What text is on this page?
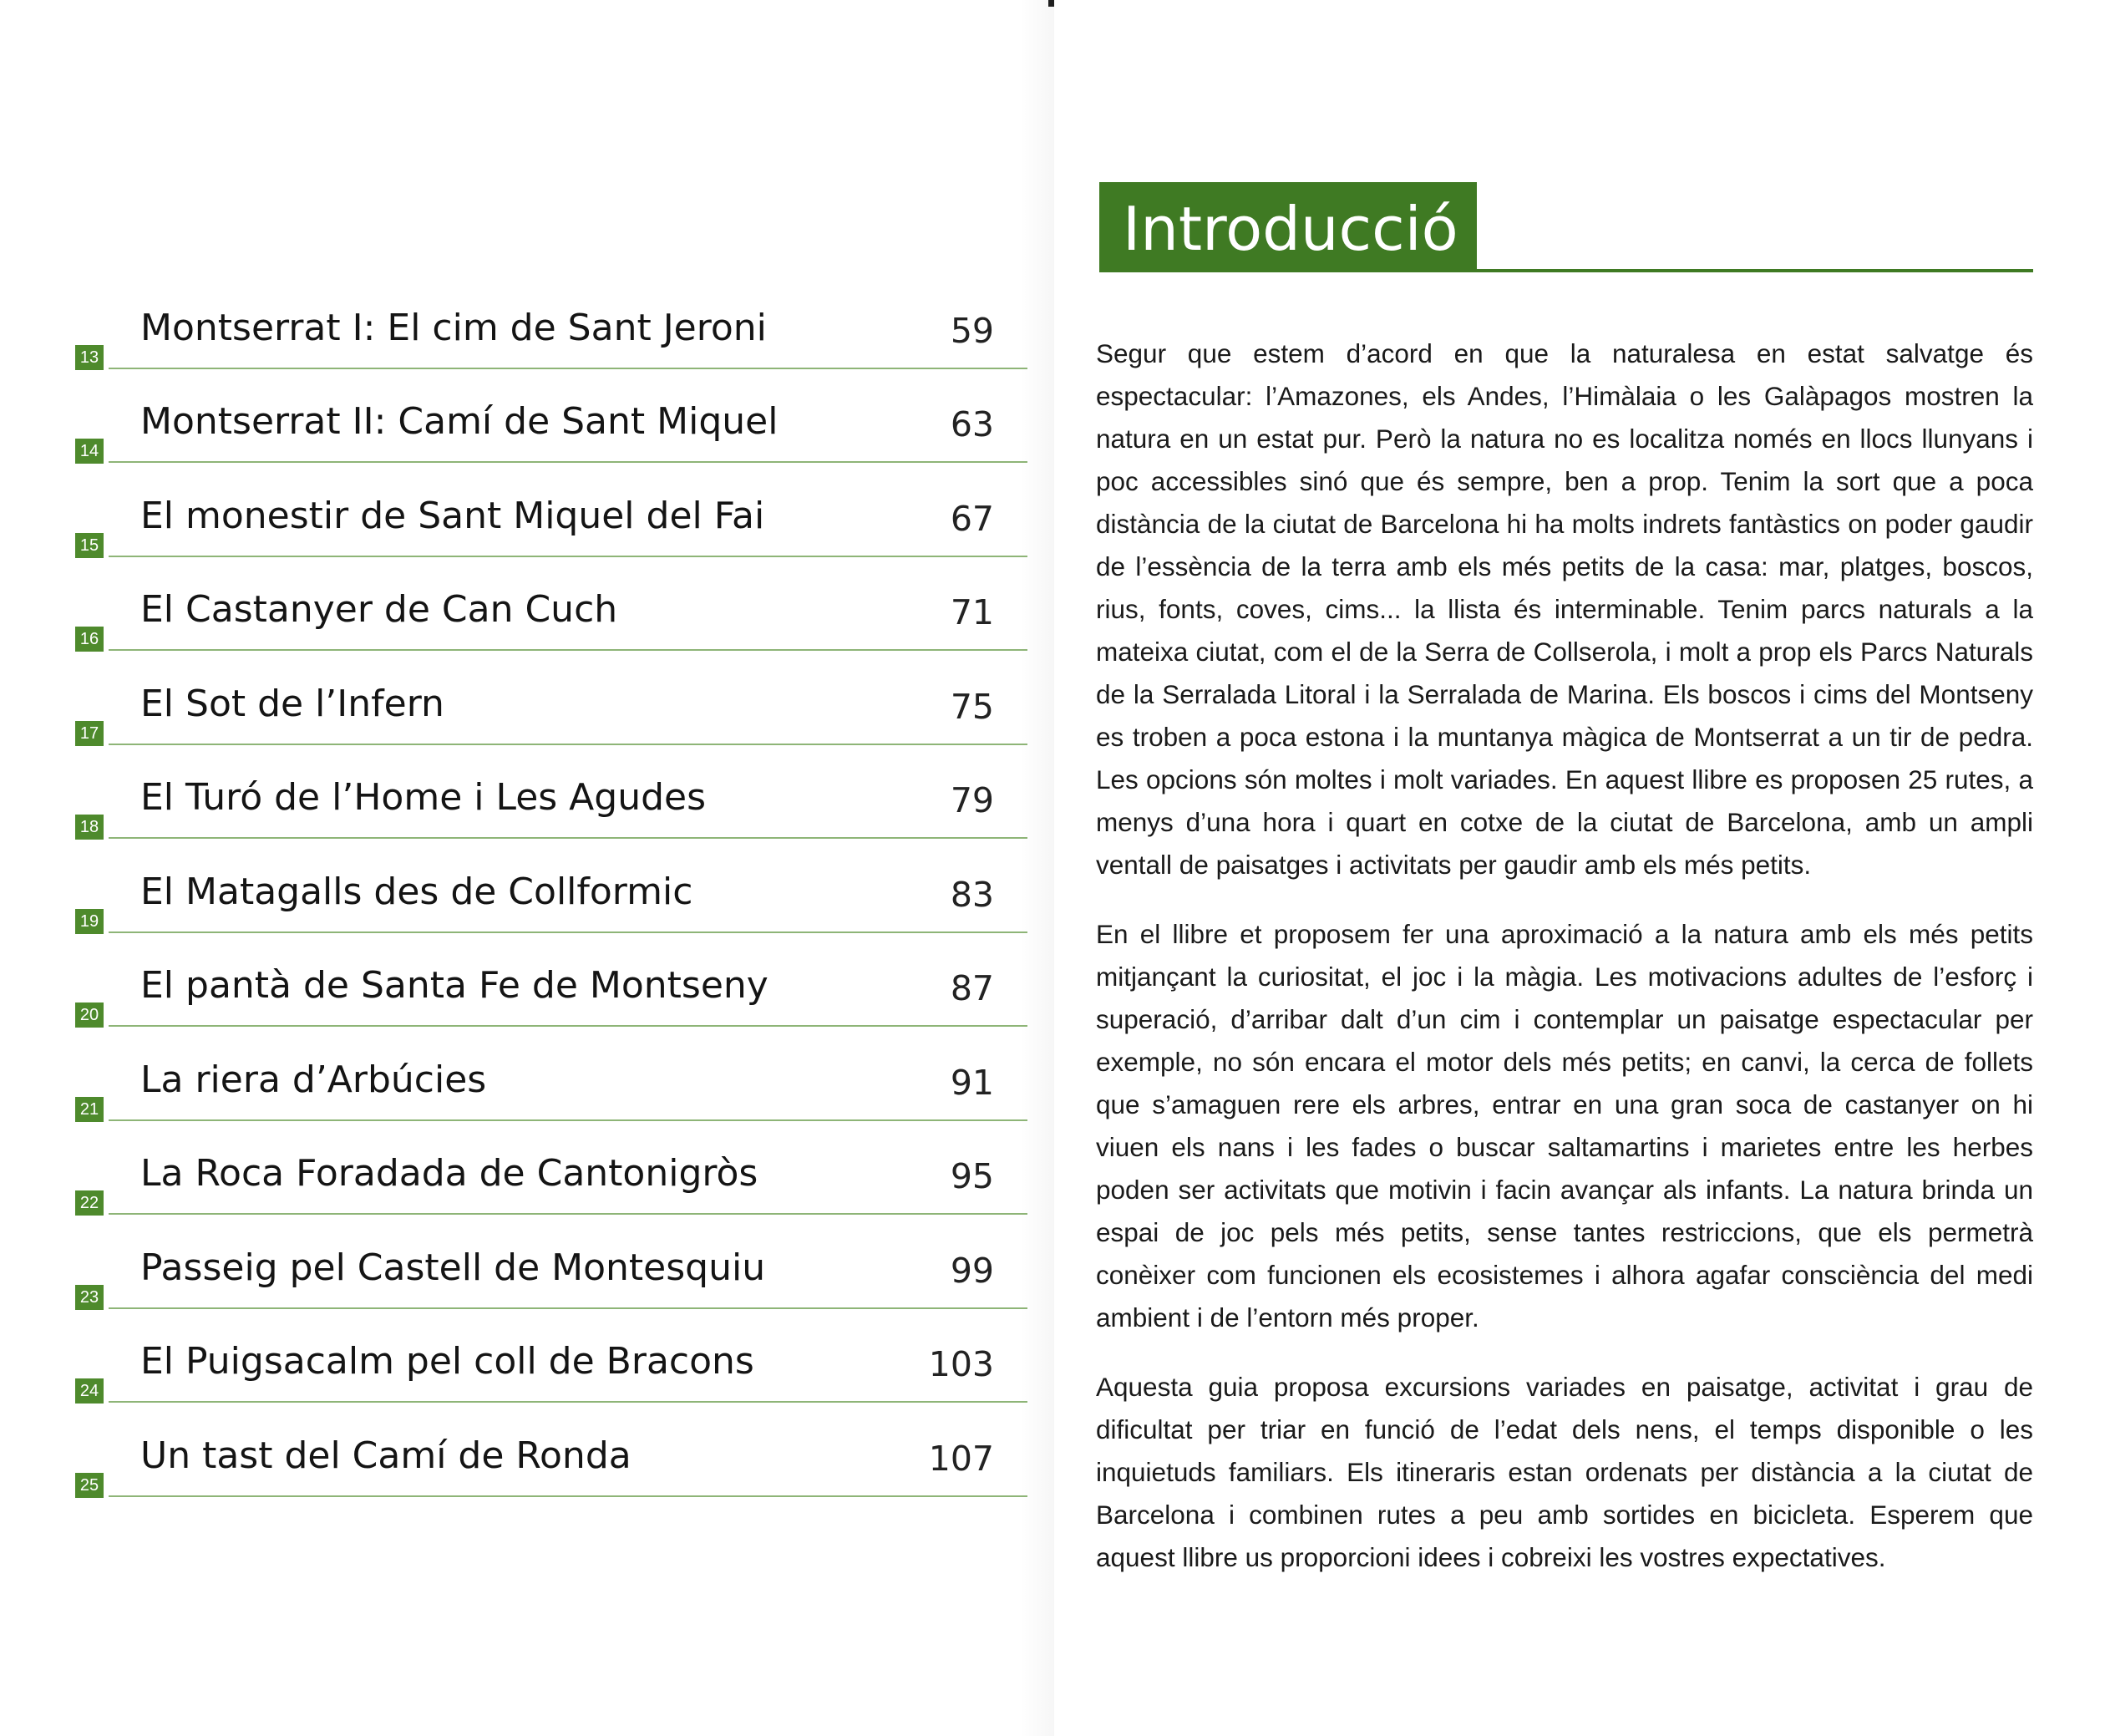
13
Montserrat I: El cim de Sant Jeroni	59
14
Montserrat II: Camí de Sant Miquel	63
15
El monestir de Sant Miquel del Fai	67
16
El Castanyer de Can Cuch	71
17
El Sot de l’Infern	75
18
El Turó de l’Home i Les Agudes	79
19
El Matagalls des de Collformic	83
20
El pantà de Santa Fe de Montseny	87
21
La riera d’Arbúcies	91
22
La Roca Foradada de Cantonigròs	95
23
Passeig pel Castell de Montesquiu	99
24
El Puigsacalm pel coll de Bracons	103
25
Un tast del Camí de Ronda	107
Introducció

Segur que estem d’acord en que la naturalesa en estat salvatge és espectacular: l’Amazones, els Andes, l’Himàlaia o les Galàpagos mostren la natura en un estat pur. Però la natura no es localitza només en llocs llunyans i poc accessibles sinó que és sempre, ben a prop. Tenim la sort que a poca distància de la ciutat de Barcelona hi ha molts indrets fantàstics on poder gaudir de l’essència de la terra amb els més petits de la casa: mar, platges, boscos, rius, fonts, coves, cims... la llista és interminable. Tenim parcs naturals a la mateixa ciutat, com el de la Serra de Collserola, i molt a prop els Parcs Naturals de la Serralada Litoral i la Serralada de Marina. Els boscos i cims del Montseny es troben a poca estona i la muntanya màgica de Montserrat a un tir de pedra. Les opcions són moltes i molt variades. En aquest llibre es proposen 25 rutes, a menys d’una hora i quart en cotxe de la ciutat de Barcelona, amb un ampli ventall de paisatges i activitats per gaudir amb els més petits.

En el llibre et proposem fer una aproximació a la natura amb els més petits mitjançant la curiositat, el joc i la màgia. Les motivacions adultes de l’esforç i superació, d’arribar dalt d’un cim i contemplar un paisatge espectacular per exemple, no són encara el motor dels més petits; en canvi, la cerca de follets que s’amaguen rere els arbres, entrar en una gran soca de castanyer on hi viuen els nans i les fades o buscar saltamartins i marietes entre les herbes poden ser activitats que motivin i facin avançar als infants. La natura brinda un espai de joc pels més petits, sense tantes restriccions, que els permetrà conèixer com funcionen els ecosistemes i alhora agafar consciència del medi ambient i de l’entorn més proper.

Aquesta guia proposa excursions variades en paisatge, activitat i grau de dificultat per triar en funció de l’edat dels nens, el temps disponible o les inquietuds familiars. Els itineraris estan ordenats per distància a la ciutat de Barcelona i combinen rutes a peu amb sortides en bicicleta. Esperem que aquest llibre us proporcioni idees i cobreixi les vostres expectatives.
